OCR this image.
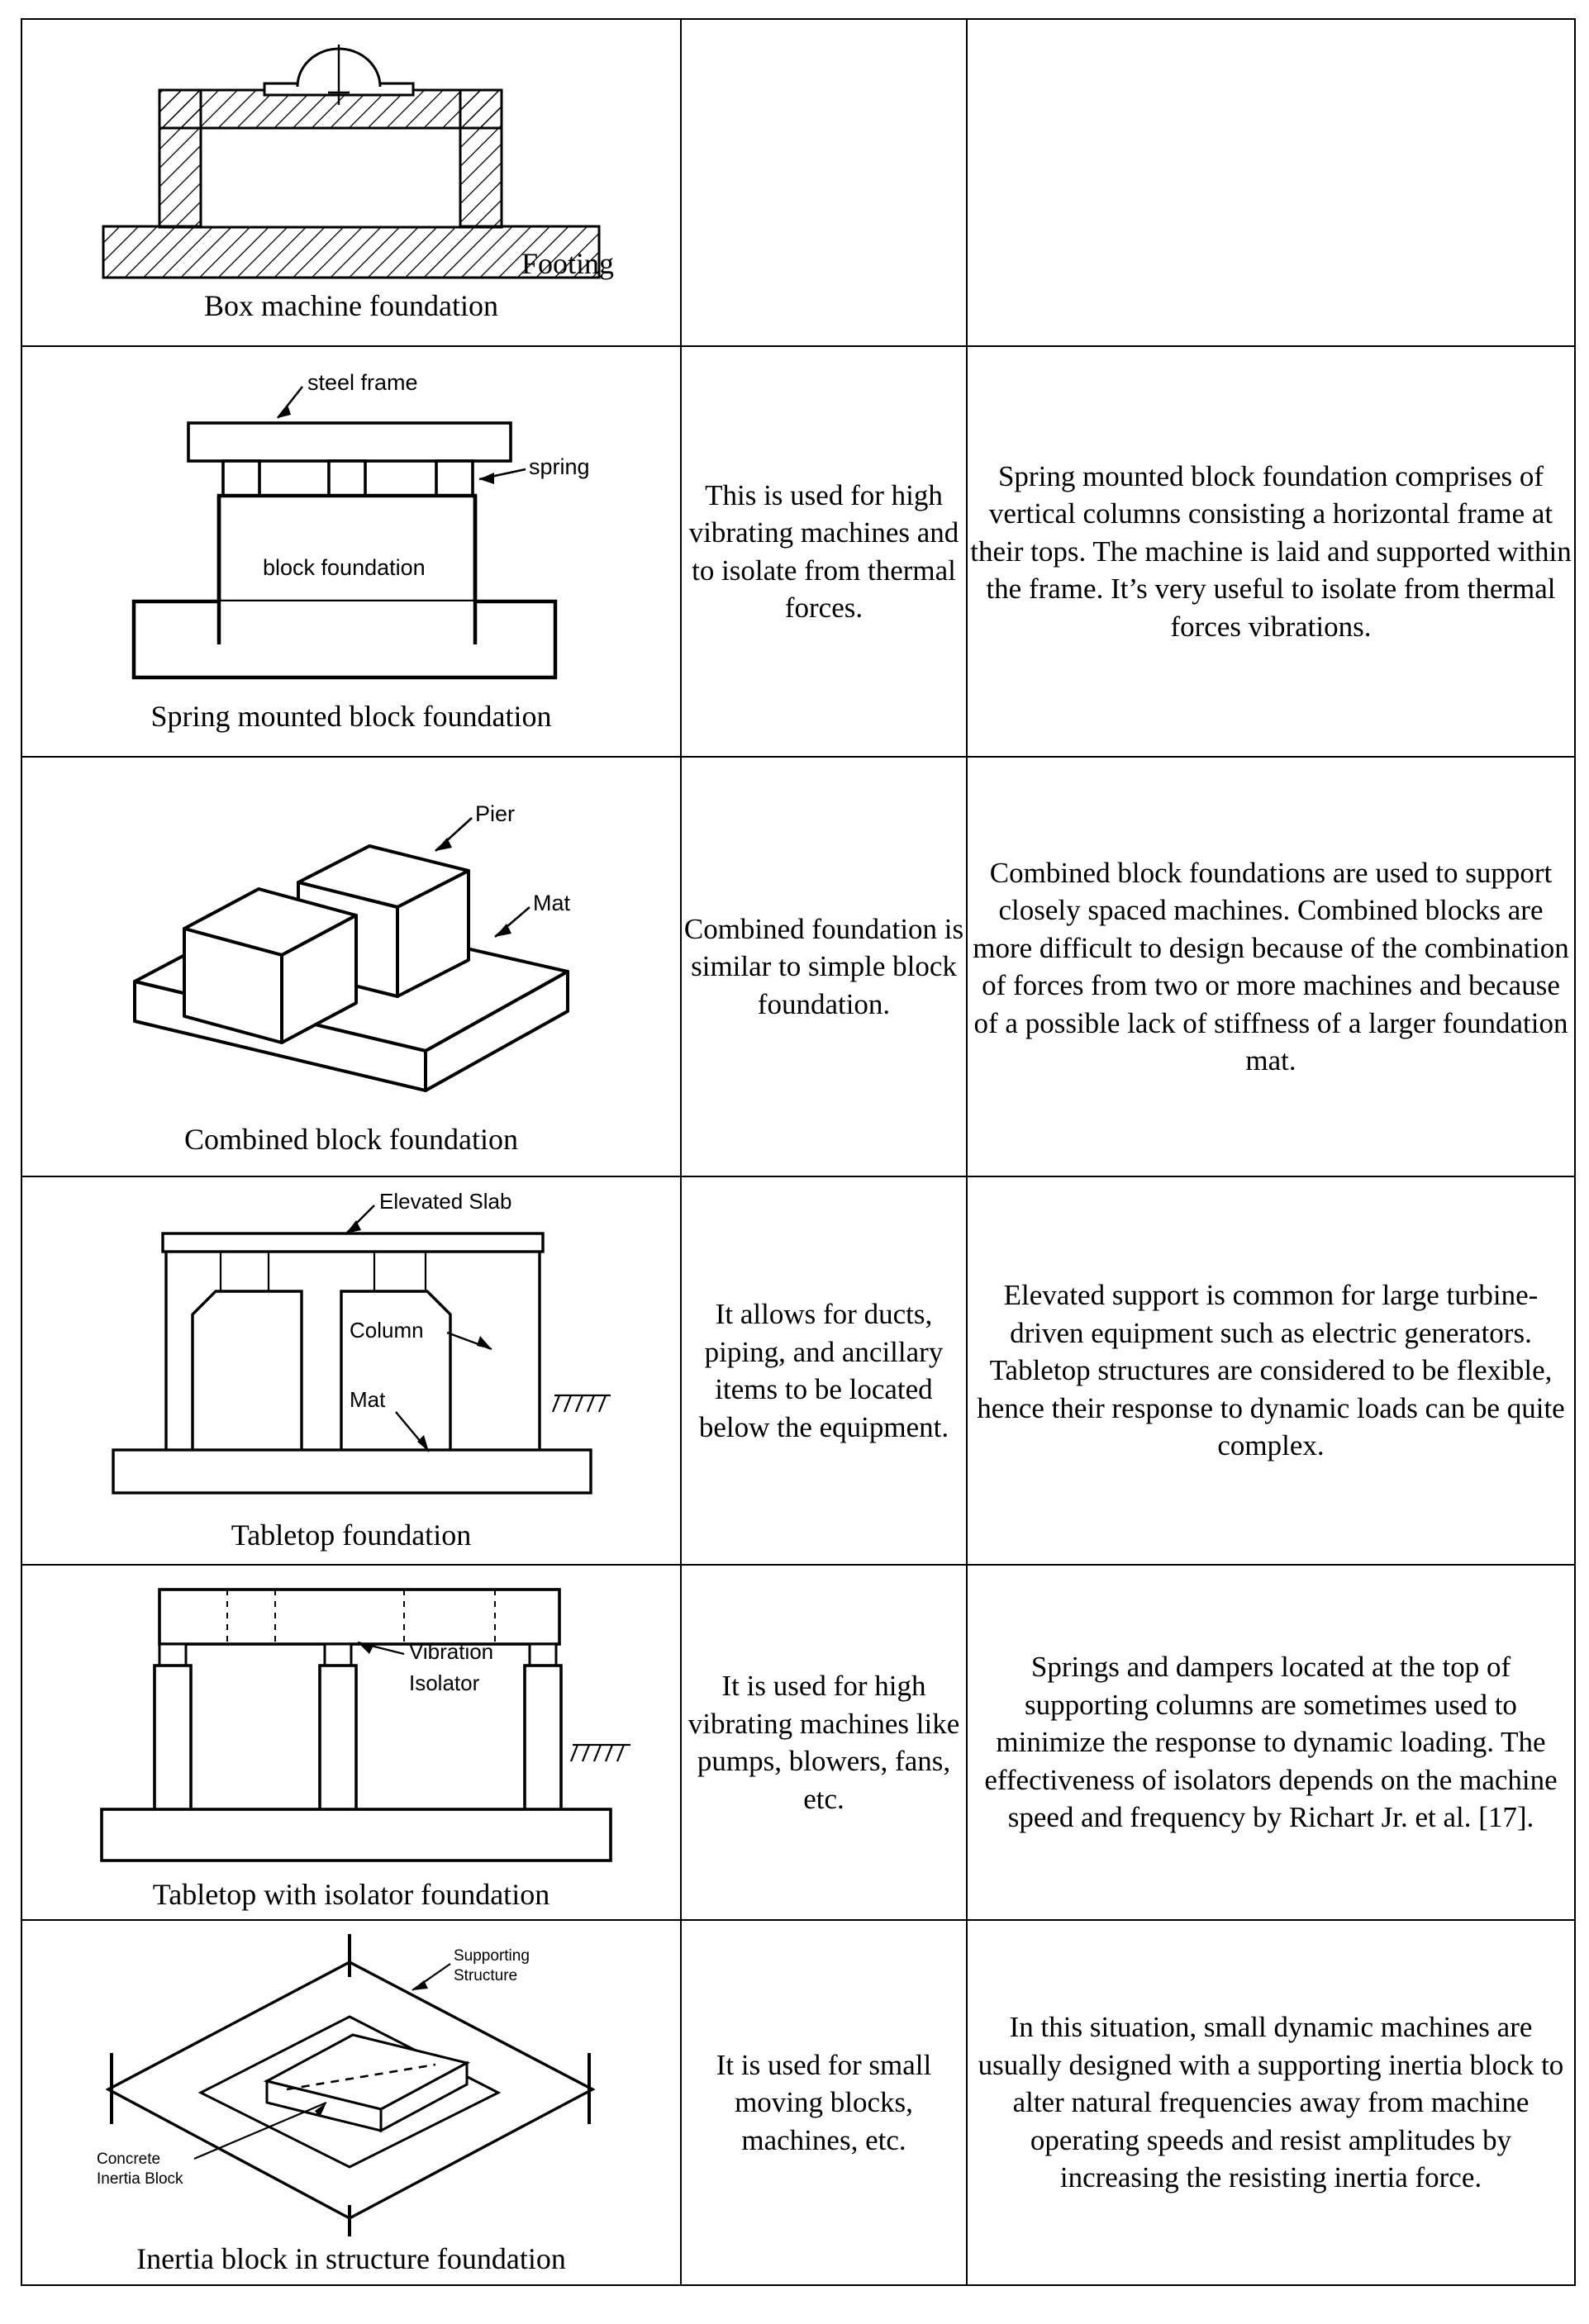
Footing
Box machine foundation		

block foundation
steel frame
spring
Spring mounted block foundation
	This is used for high vibrating machines and to isolate from thermal forces.	Spring mounted block foundation comprises of vertical columns consisting a horizontal frame at their tops. The machine is laid and supported within the frame. It’s very useful to isolate from thermal forces vibrations.

Pier
Mat
Combined block foundation
	Combined foundation is similar to simple block foundation.	Combined block foundations are used to support closely spaced machines. Combined blocks are more difficult to design because of the combination of forces from two or more machines and because of a possible lack of stiffness of a larger foundation mat.

Elevated Slab
Column
Mat
Tabletop foundation
	It allows for ducts, piping, and ancillary items to be located below the equipment.	Elevated support is common for large turbine-driven equipment such as electric generators. Tabletop structures are considered to be flexible, hence their response to dynamic loads can be quite complex.

Vibration
Isolator
Tabletop with isolator foundation
	It is used for high vibrating machines like pumps, blowers, fans, etc.	Springs and dampers located at the top of supporting columns are sometimes used to minimize the response to dynamic loading. The effectiveness of isolators depends on the machine speed and frequency by Richart Jr. et al. [17].

Supporting
Structure
Concrete
Inertia Block
Inertia block in structure foundation
	It is used for small moving blocks, machines, etc.	In this situation, small dynamic machines are usually designed with a supporting inertia block to alter natural frequencies away from machine operating speeds and resist amplitudes by increasing the resisting inertia force.
